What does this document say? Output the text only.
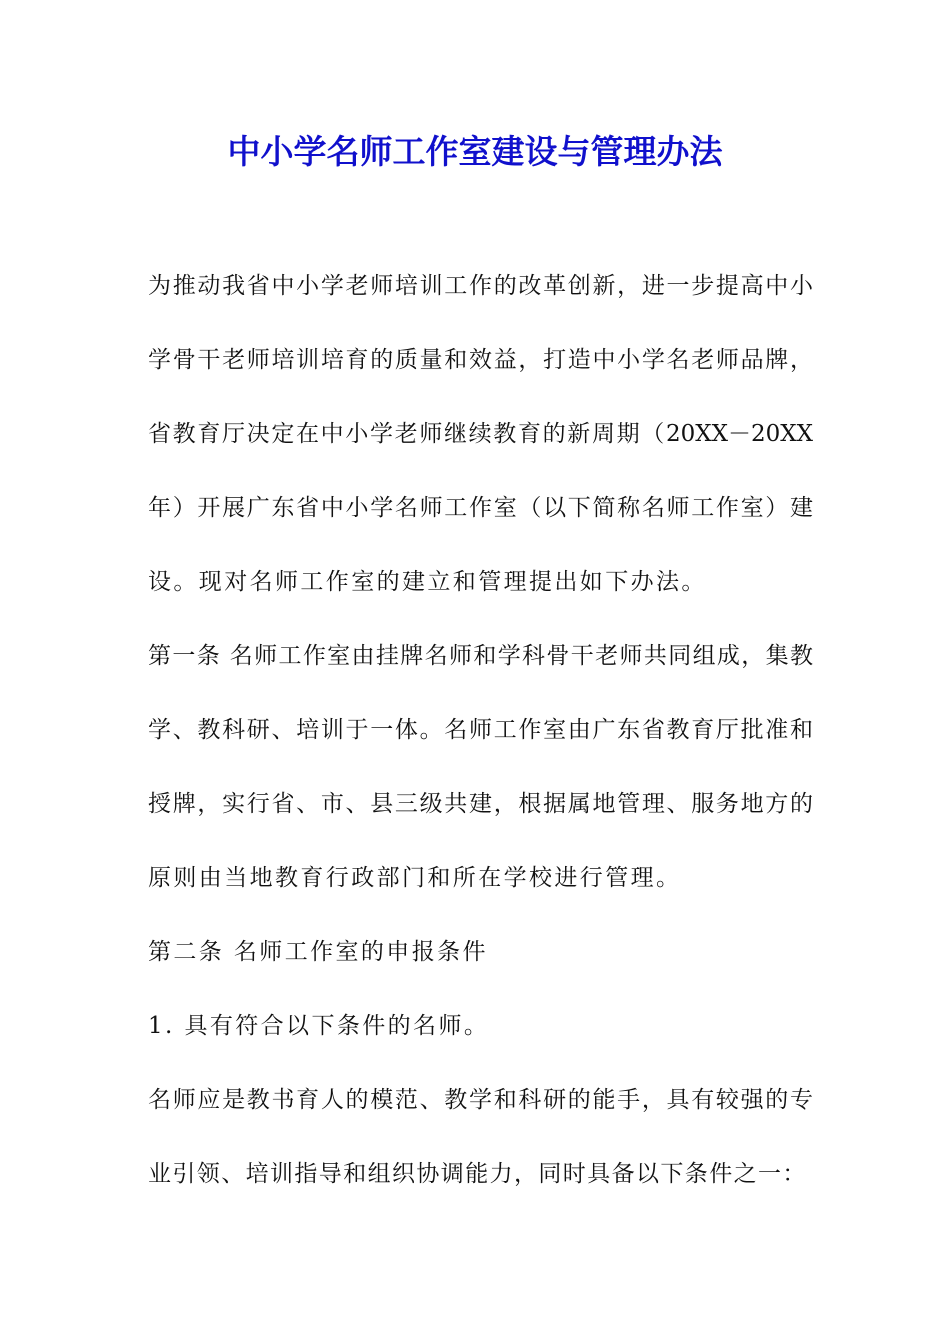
中小学名师工作室建设与管理办法

为推动我省中小学老师培训工作的改革创新，进一步提高中小

学骨干老师培训培育的质量和效益，打造中小学名老师品牌，

省教育厅决定在中小学老师继续教育的新周期（20XX－20XX

年）开展广东省中小学名师工作室（以下简称名师工作室）建

设。现对名师工作室的建立和管理提出如下办法。

第一条 名师工作室由挂牌名师和学科骨干老师共同组成，集教

学、教科研、培训于一体。名师工作室由广东省教育厅批准和

授牌，实行省、市、县三级共建，根据属地管理、服务地方的

原则由当地教育行政部门和所在学校进行管理。

第二条 名师工作室的申报条件

1. 具有符合以下条件的名师。

名师应是教书育人的模范、教学和科研的能手，具有较强的专

业引领、培训指导和组织协调能力，同时具备以下条件之一：
